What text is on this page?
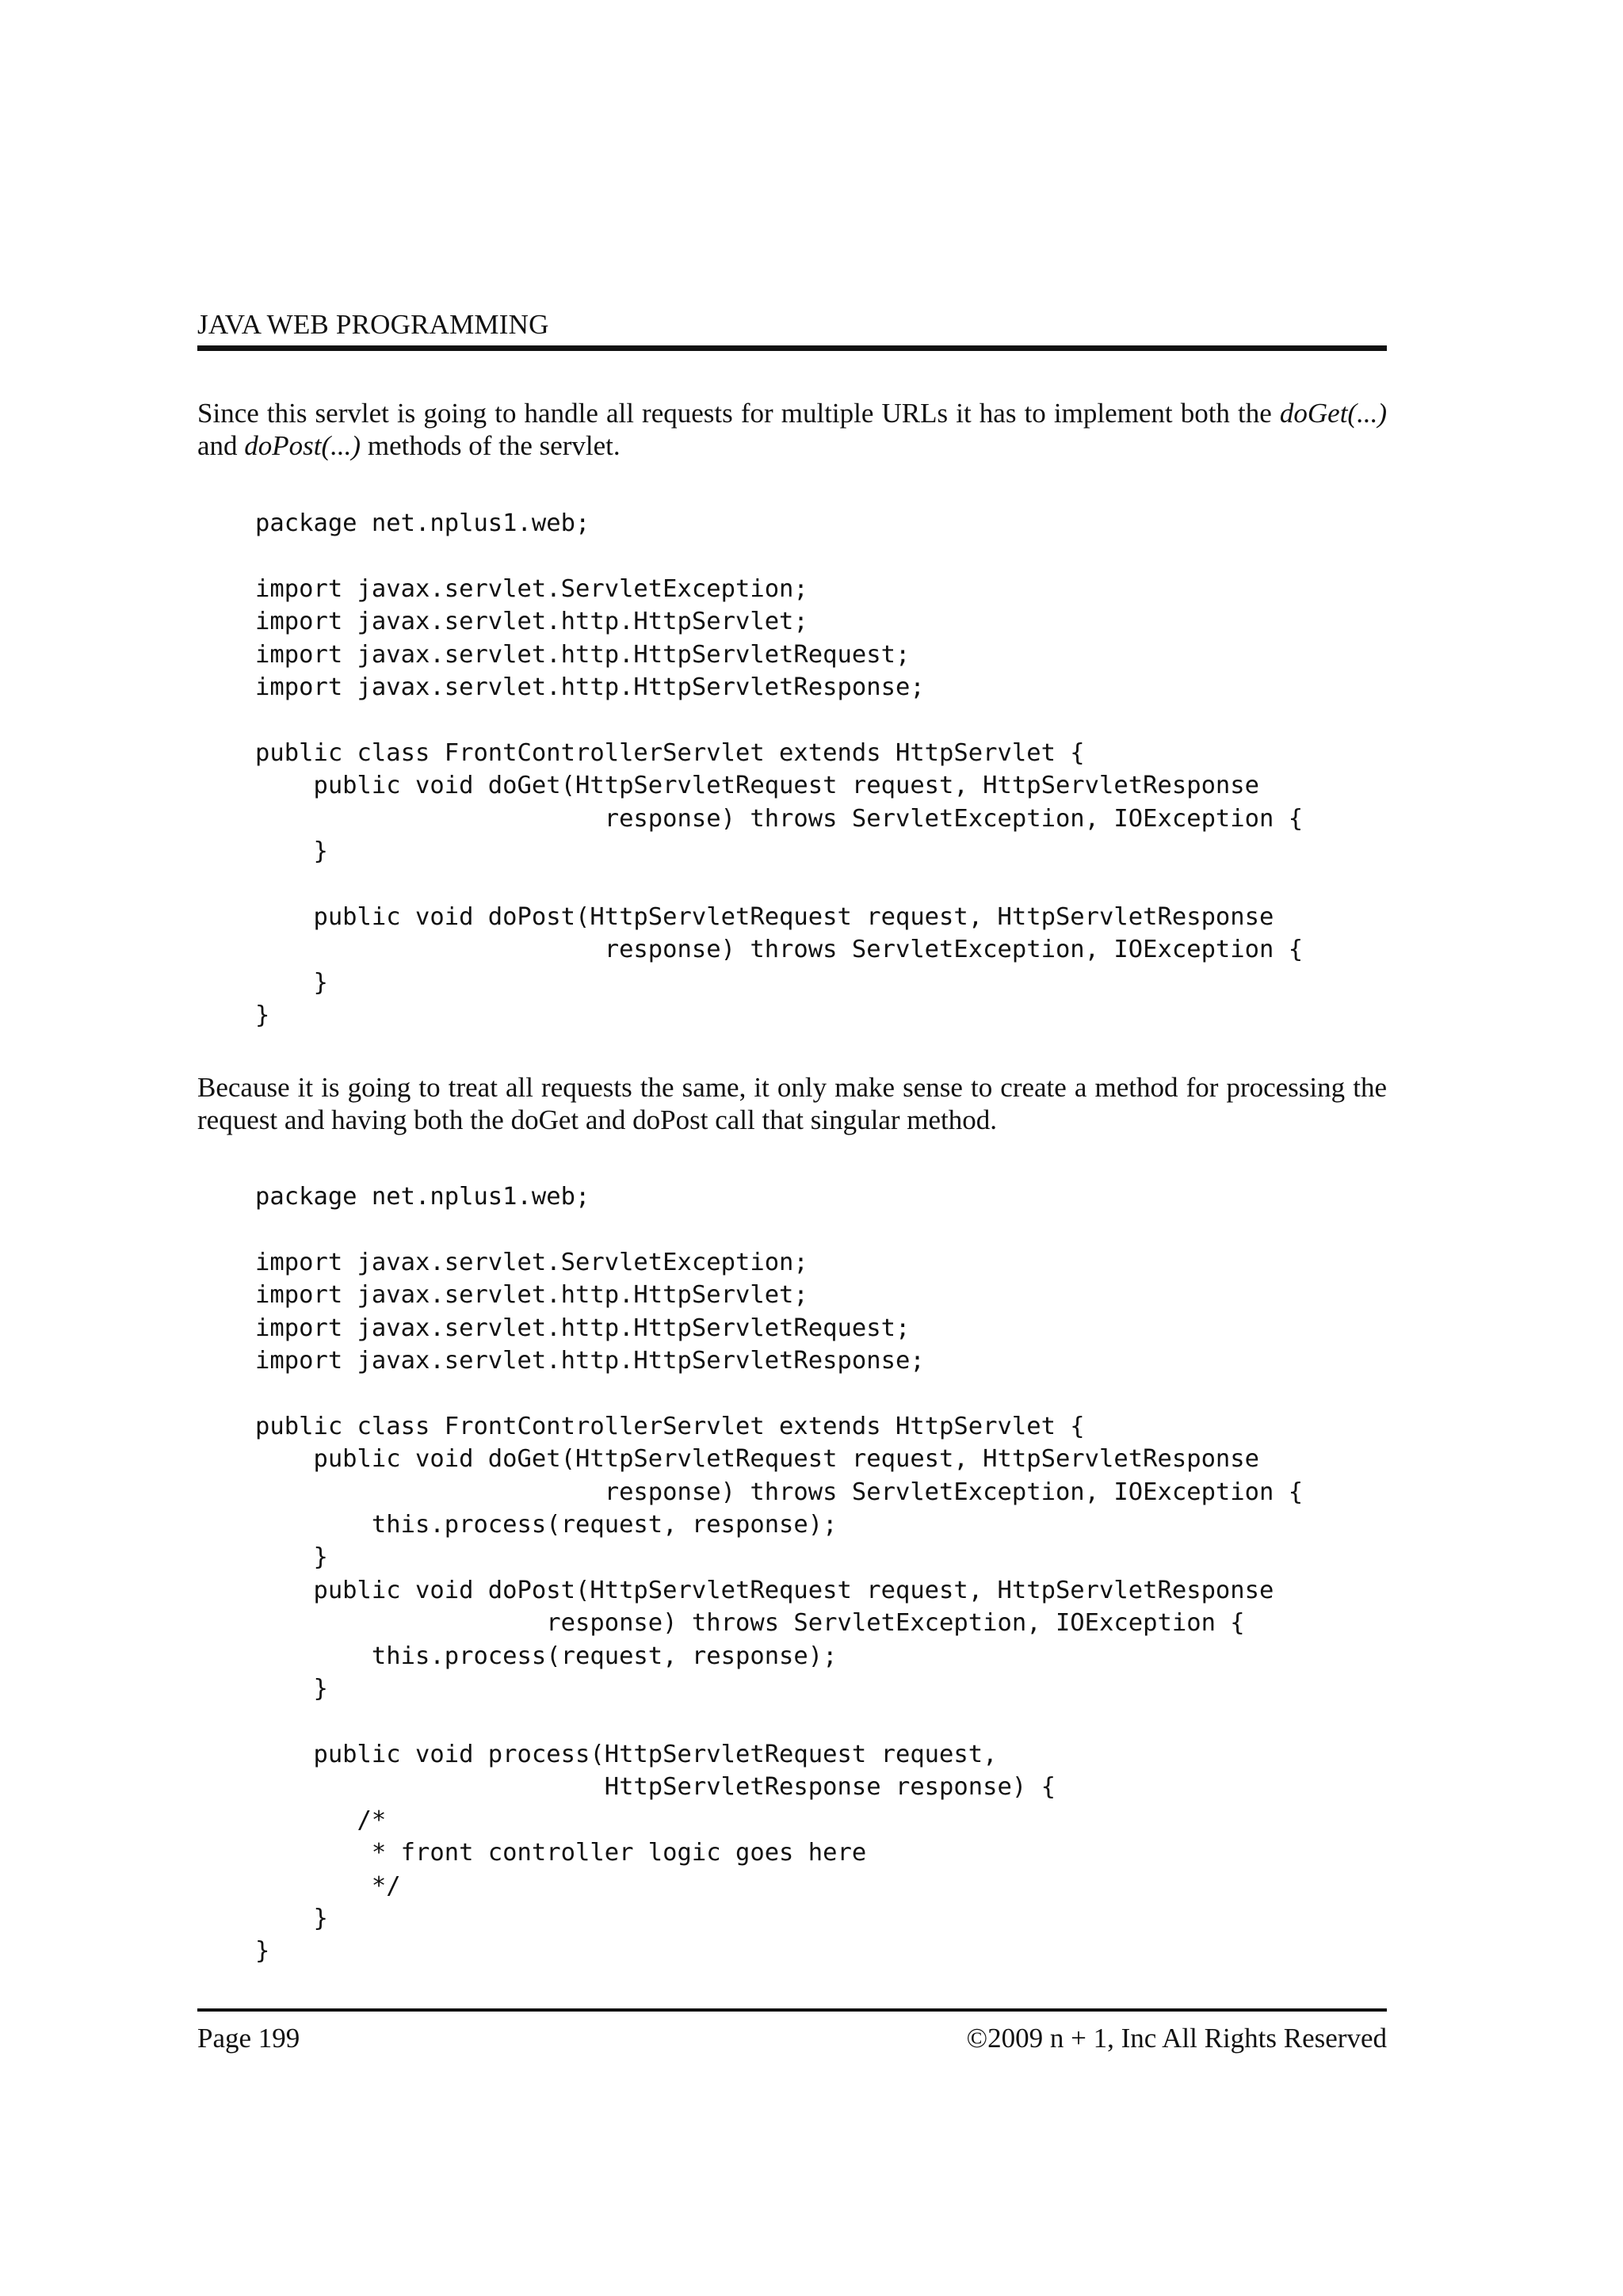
JAVA WEB PROGRAMMING
Since this servlet is going to handle all requests for multiple URLs it has to implement both the doGet(...) and doPost(...) methods of the servlet.
package net.nplus1.web;

import javax.servlet.ServletException;
import javax.servlet.http.HttpServlet;
import javax.servlet.http.HttpServletRequest;
import javax.servlet.http.HttpServletResponse;

public class FrontControllerServlet extends HttpServlet {
public void doGet(HttpServletRequest request, HttpServletResponse
response) throws ServletException, IOException {
}

public void doPost(HttpServletRequest request, HttpServletResponse
response) throws ServletException, IOException {
}
}
Because it is going to treat all requests the same, it only make sense to create a method for processing the request and having both the doGet and doPost call that singular method.
package net.nplus1.web;

import javax.servlet.ServletException;
import javax.servlet.http.HttpServlet;
import javax.servlet.http.HttpServletRequest;
import javax.servlet.http.HttpServletResponse;

public class FrontControllerServlet extends HttpServlet {
public void doGet(HttpServletRequest request, HttpServletResponse
response) throws ServletException, IOException {
this.process(request, response);
}
public void doPost(HttpServletRequest request, HttpServletResponse
response) throws ServletException, IOException {
this.process(request, response);
}

public void process(HttpServletRequest request,
HttpServletResponse response) {
/*
* front controller logic goes here
*/
}
}
Page 199	©2009 n + 1, Inc All Rights Reserved
